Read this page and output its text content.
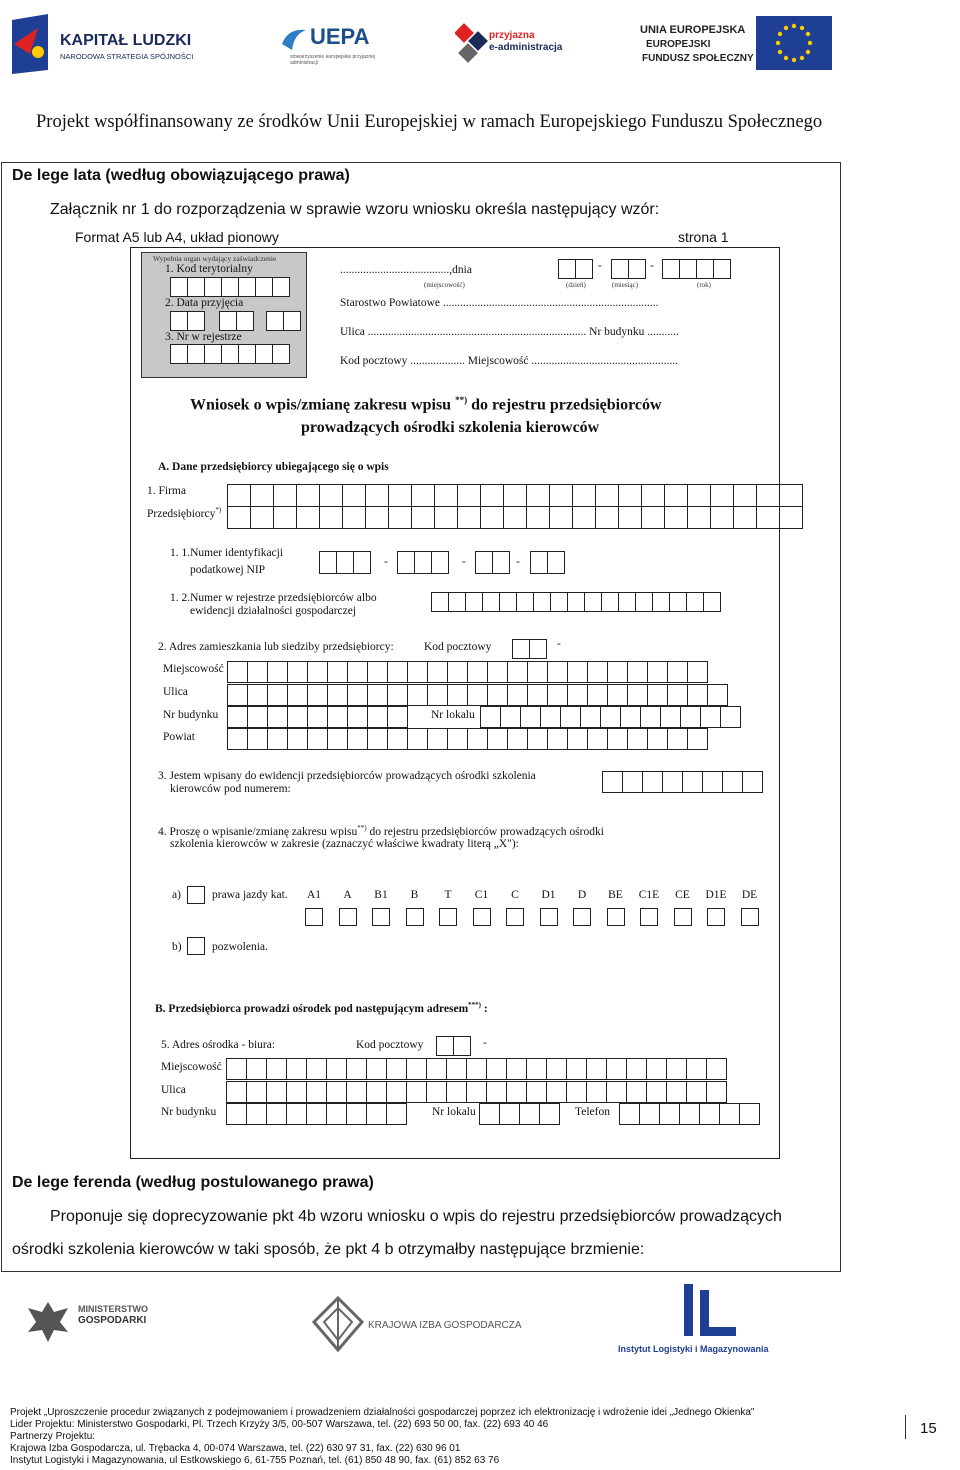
KAPITAŁ LUDZKI
NARODOWA STRATEGIA SPÓJNOŚCI
UEPA
stowarzyszenie europejskie przyjaznej administracji
przyjazna
e-administracja
UNIA EUROPEJSKA
EUROPEJSKI
FUNDUSZ SPOŁECZNY
Projekt współfinansowany ze środków Unii Europejskiej w ramach Europejskiego Funduszu Społecznego
De lege lata (według obowiązującego prawa)
Załącznik nr 1 do rozporządzenia w sprawie wzoru wniosku określa następujący wzór:
Format A5 lub A4, układ pionowy	strona 1
Wypełnia organ wydający zaświadczenie
1. Kod terytorialny
2. Data przyjęcia
3. Nr w rejestrze
......................................,dnia
(miejscowość)
-	-
(dzień)	(miesiąc)	(rok)
Starostwo Powiatowe ...........................................................................
Ulica ............................................................................ Nr budynku ...........
Kod pocztowy ................... Miejscowość ...................................................
Wniosek o wpis/zmianę zakresu wpisu **) do rejestru przedsiębiorców
prowadzących ośrodki szkolenia kierowców
A. Dane przedsiębiorcy ubiegającego się o wpis
1. Firma
Przedsiębiorcy*)
1. 1.Numer identyfikacji
podatkowej NIP
-	-	-
1. 2.Numer w rejestrze przedsiębiorców albo
ewidencji działalności gospodarczej
2. Adres zamieszkania lub siedziby przedsiębiorcy:	Kod pocztowy	-
Miejscowość
Ulica
Nr budynku	Nr lokalu
Powiat
3. Jestem wpisany do ewidencji przedsiębiorców prowadzących ośrodki szkolenia
kierowców pod numerem:
4. Proszę o wpisanie/zmianę zakresu wpisu**) do rejestru przedsiębiorców prowadzących ośrodki
szkolenia kierowców w zakresie (zaznaczyć właściwe kwadraty literą „X"):
a)	prawa jazdy kat.	A1	A	B1	B	T	C1	C	D1	D	BE	C1E	CE	D1E	DE
b)	pozwolenia.
B. Przedsiębiorca prowadzi ośrodek pod następującym adresem***) :
5. Adres ośrodka - biura:	Kod pocztowy	-
Miejscowość
Ulica
Nr budynku	Nr lokalu	Telefon
De lege ferenda (według postulowanego prawa)
Proponuje się doprecyzowanie pkt 4b wzoru wniosku o wpis do rejestru przedsiębiorców prowadzących
ośrodki szkolenia kierowców w taki sposób, że pkt 4 b otrzymałby następujące brzmienie:
MINISTERSTWO
GOSPODARKI	KRAJOWA IZBA GOSPODARCZA
Instytut Logistyki i Magazynowania
Projekt „Uproszczenie procedur związanych z podejmowaniem i prowadzeniem działalności gospodarczej poprzez ich elektronizację i wdrożenie idei „Jednego Okienka"
Lider Projektu: Ministerstwo Gospodarki, Pl. Trzech Krzyży 3/5, 00-507 Warszawa, tel. (22) 693 50 00, fax. (22) 693 40 46
Partnerzy Projektu:
Krajowa Izba Gospodarcza, ul. Trębacka 4, 00-074 Warszawa, tel. (22) 630 97 31, fax. (22) 630 96 01
Instytut Logistyki i Magazynowania, ul Estkowskiego 6, 61-755 Poznań, tel. (61) 850 48 90, fax. (61) 852 63 76
15
